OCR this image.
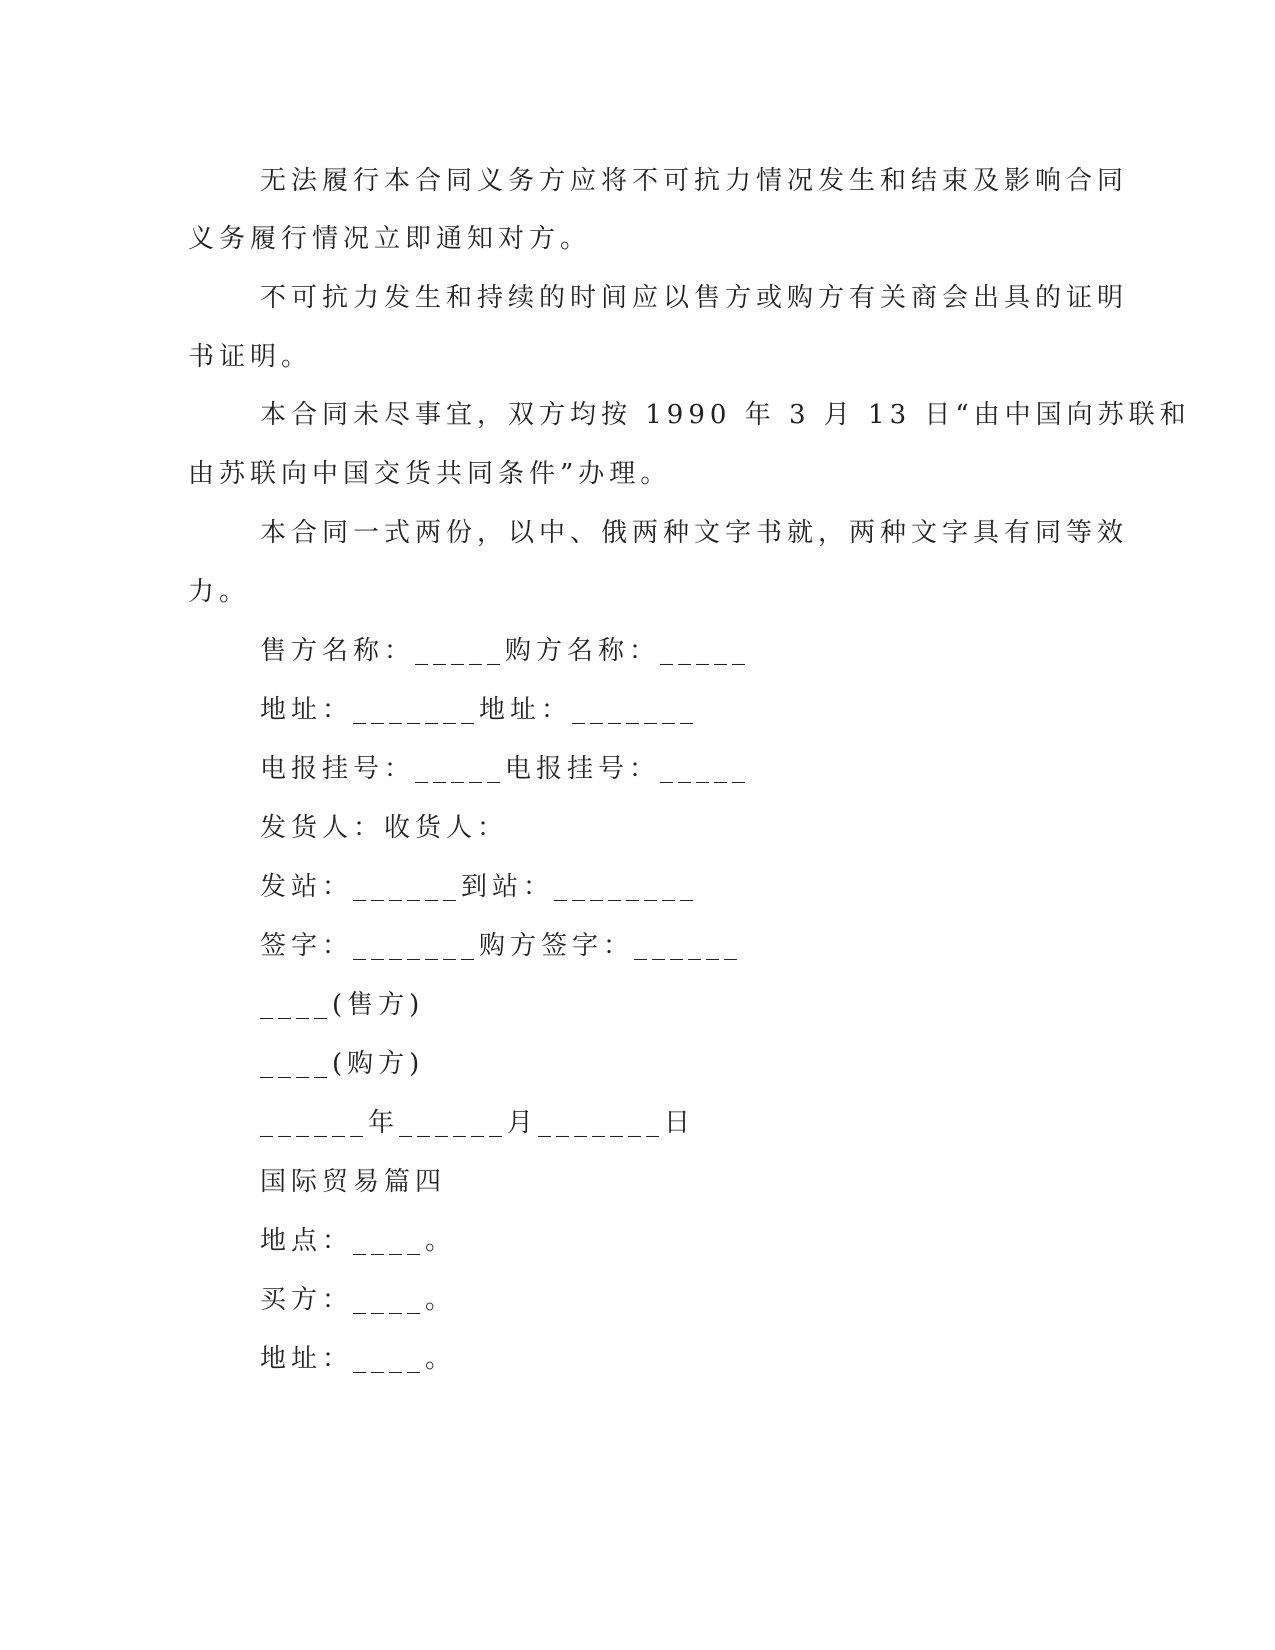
无法履行本合同义务方应将不可抗力情况发生和结束及影响合同
义务履行情况立即通知对方。
不可抗力发生和持续的时间应以售方或购方有关商会出具的证明
书证明。
本合同未尽事宜，双方均按 1990 年 3 月 13 日“由中国向苏联和
由苏联向中国交货共同条件”办理。
本合同一式两份，以中、俄两种文字书就，两种文字具有同等效
力。
售方名称：_____购方名称：_____
地址：_______地址：_______
电报挂号：_____电报挂号：_____
发货人：收货人：
发站：______到站：________
签字：_______购方签字：______
____(售方)
____(购方)
______年______月_______日
国际贸易篇四
地点：____。
买方：____。
地址：____。
